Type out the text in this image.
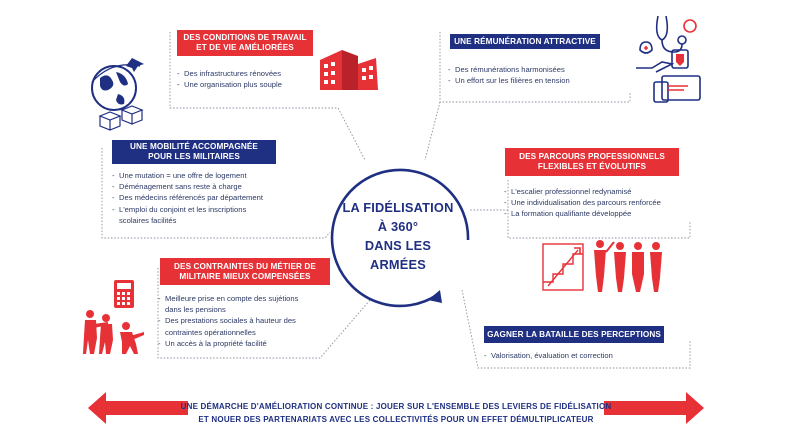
DES CONDITIONS DE TRAVAIL
ET DE VIE AMÉLIORÉES
- Des infrastructures rénovées
- Une organisation plus souple
UNE RÉMUNÉRATION ATTRACTIVE
- Des rémunérations harmonisées
- Un effort sur les filières en tension
UNE MOBILITÉ ACCOMPAGNÉE
POUR LES MILITAIRES
- Une mutation = une offre de logement
- Déménagement sans reste à charge
- Des médecins référencés par département
- L'emploi du conjoint et les inscriptions
scolaires facilités
DES PARCOURS PROFESSIONNELS
FLEXIBLES ET ÉVOLUTIFS
- L'escalier professionnel redynamisé
- Une individualisation des parcours renforcée
- La formation qualifiante développée
DES CONTRAINTES DU MÉTIER DE
MILITAIRE MIEUX COMPENSÉES
- Meilleure prise en compte des sujétions
dans les pensions
- Des prestations sociales à hauteur des
contraintes opérationnelles
- Un accès à la propriété facilité
GAGNER LA BATAILLE DES PERCEPTIONS
- Valorisation, évaluation et correction
LA FIDÉLISATION
À 360°
DANS LES ARMÉES
UNE DÉMARCHE D'AMÉLIORATION CONTINUE : JOUER SUR L'ENSEMBLE DES LEVIERS DE FIDÉLISATION
ET NOUER DES PARTENARIATS AVEC LES COLLECTIVITÉS POUR UN EFFET DÉMULTIPLICATEUR
